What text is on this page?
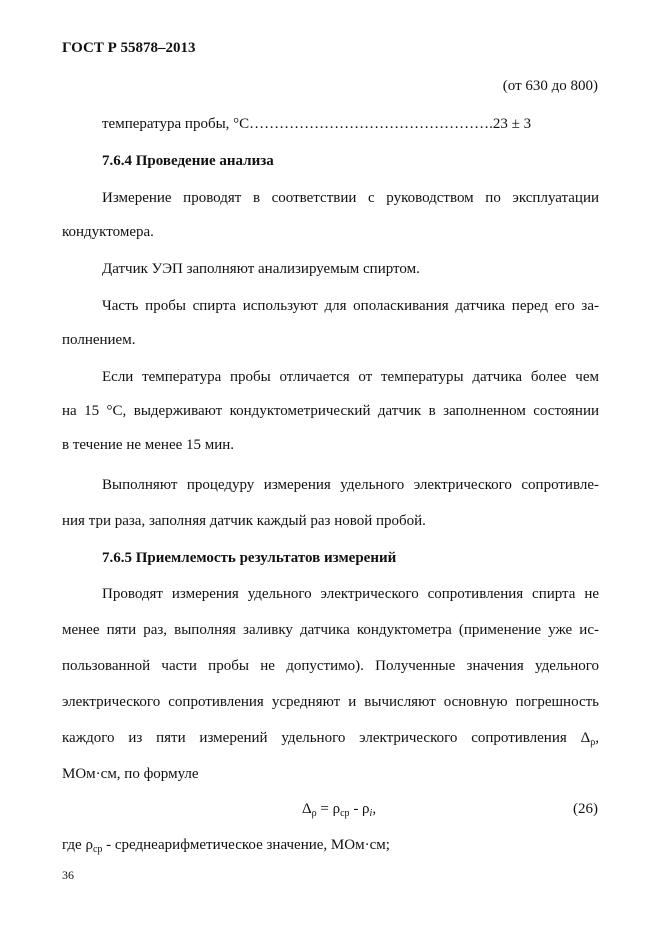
ГОСТ Р 55878–2013
(от 630 до 800)
температура пробы, °С………………………………………….23 ± 3
7.6.4 Проведение анализа
Измерение проводят в соответствии с руководством по эксплуатации
кондуктомера.
Датчик УЭП заполняют анализируемым спиртом.
Часть пробы спирта используют для ополаскивания датчика перед его за-
полнением.
Если температура пробы отличается от температуры датчика более чем
на 15 °С, выдерживают кондуктометрический датчик в заполненном состоянии
в течение не менее 15 мин.
Выполняют процедуру измерения удельного электрического сопротивле-
ния три раза, заполняя датчик каждый раз новой пробой.
7.6.5 Приемлемость результатов измерений
Проводят измерения удельного электрического сопротивления спирта не
менее пяти раз, выполняя заливку датчика кондуктометра (применение уже ис-
пользованной части пробы не допустимо). Полученные значения удельного
электрического сопротивления усредняют и вычисляют основную погрешность
каждого из пяти измерений удельного электрического сопротивления $\Delta_\rho$,
МОм·см, по формуле
$\Delta_\rho = \rho_{ср} - \rho_i$,	(26)
где $\rho_{ср}$ - среднеарифметическое значение, МОм·см;
36
